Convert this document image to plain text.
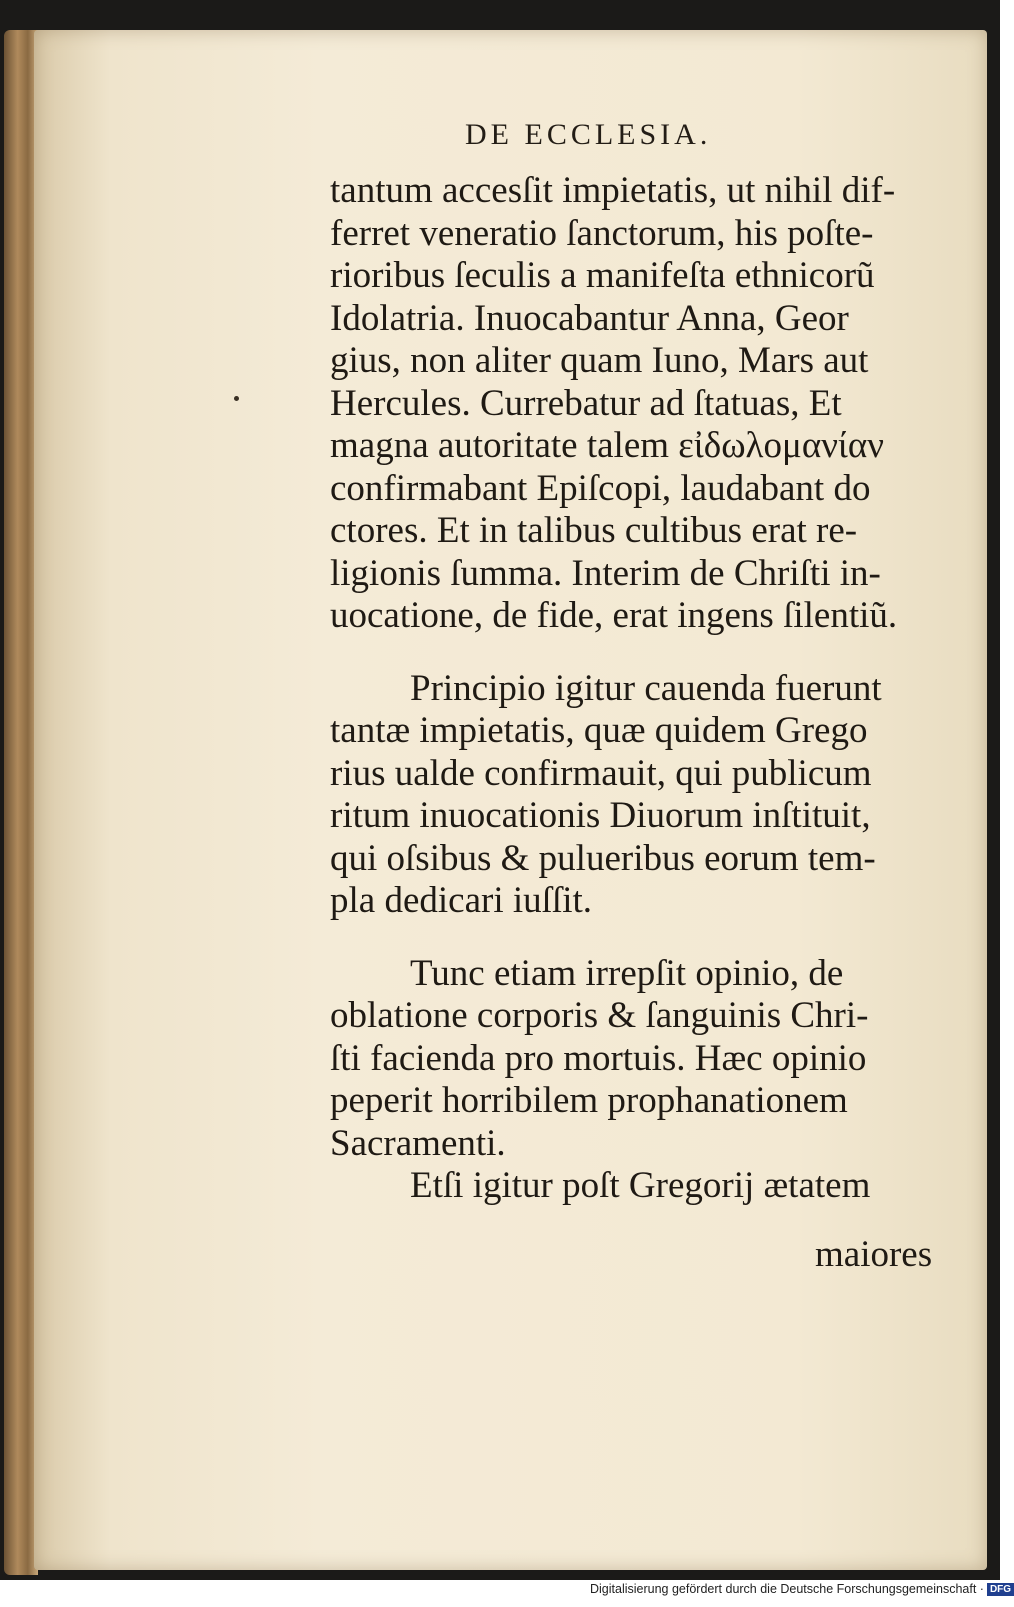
DE ECCLESIA.
tantum accesſit impietatis, ut nihil dif-
ferret veneratio ſanctorum, his poſte-
rioribus ſeculis a manifeſta ethnicorũ
Idolatria. Inuocabantur Anna, Geor
gius, non aliter quam Iuno, Mars aut
Hercules. Currebatur ad ſtatuas, Et
magna autoritate talem εἰδωλομανίαν
confirmabant Epiſcopi, laudabant do
ctores. Et in talibus cultibus erat re-
ligionis ſumma. Interim de Chriſti in-
uocatione, de fide, erat ingens ſilentiũ.
Principio igitur cauenda fuerunt
tantæ impietatis, quæ quidem Grego
rius ualde confirmauit, qui publicum
ritum inuocationis Diuorum inſtituit,
qui oſsibus & pulueribus eorum tem-
pla dedicari iuſſit.
Tunc etiam irrepſit opinio, de
oblatione corporis & ſanguinis Chri-
ſti facienda pro mortuis. Hæc opinio
peperit horribilem prophanationem
Sacramenti.
Etſi igitur poſt Gregorij ætatem
maiores
Digitalisierung gefördert durch die Deutsche Forschungsgemeinschaft · DFG
